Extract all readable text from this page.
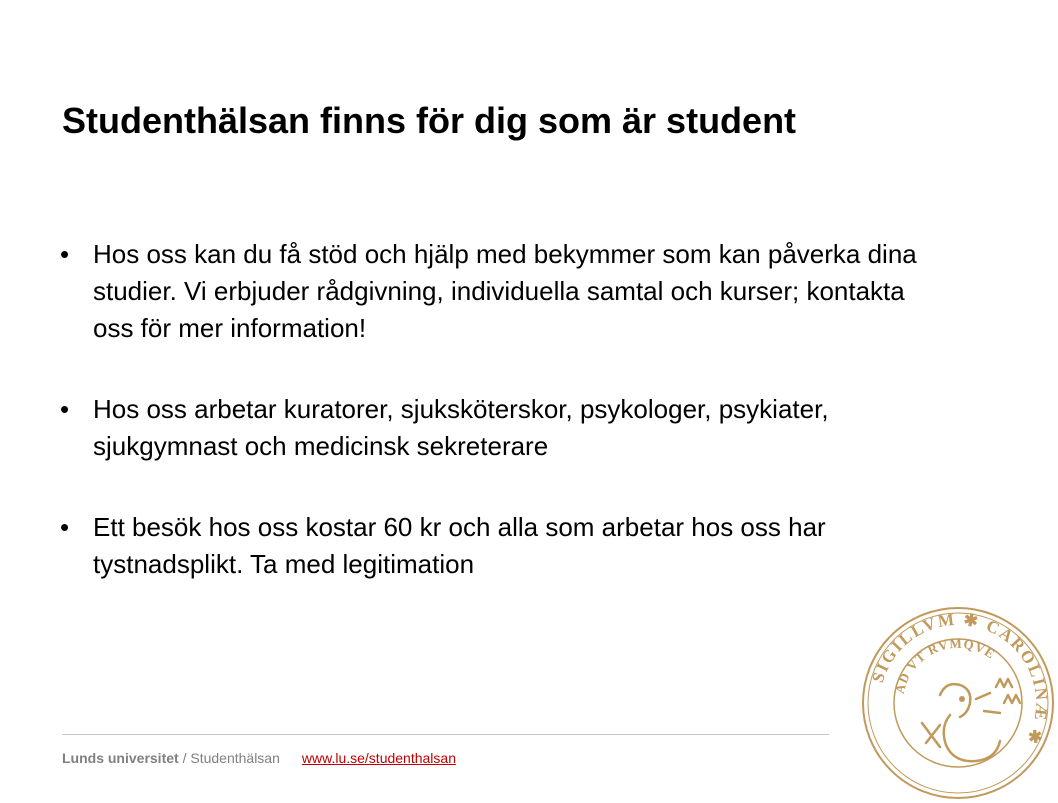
Studenthälsan finns för dig som är student
• Hos oss kan du få stöd och hjälp med bekymmer som kan påverka dina studier. Vi erbjuder rådgivning, individuella samtal och kurser; kontakta oss för mer information!
• Hos oss arbetar kuratorer, sjuksköterskor, psykologer, psykiater, sjukgymnast och medicinsk sekreterare
• Ett besök hos oss kostar 60 kr och alla som arbetar hos oss har tystnadsplikt. Ta med legitimation
Lunds universitet / Studenthälsan www.lu.se/studenthalsan
SIGILLVM ✱ CAROLINÆ ✱
AD VT RVMQVE
